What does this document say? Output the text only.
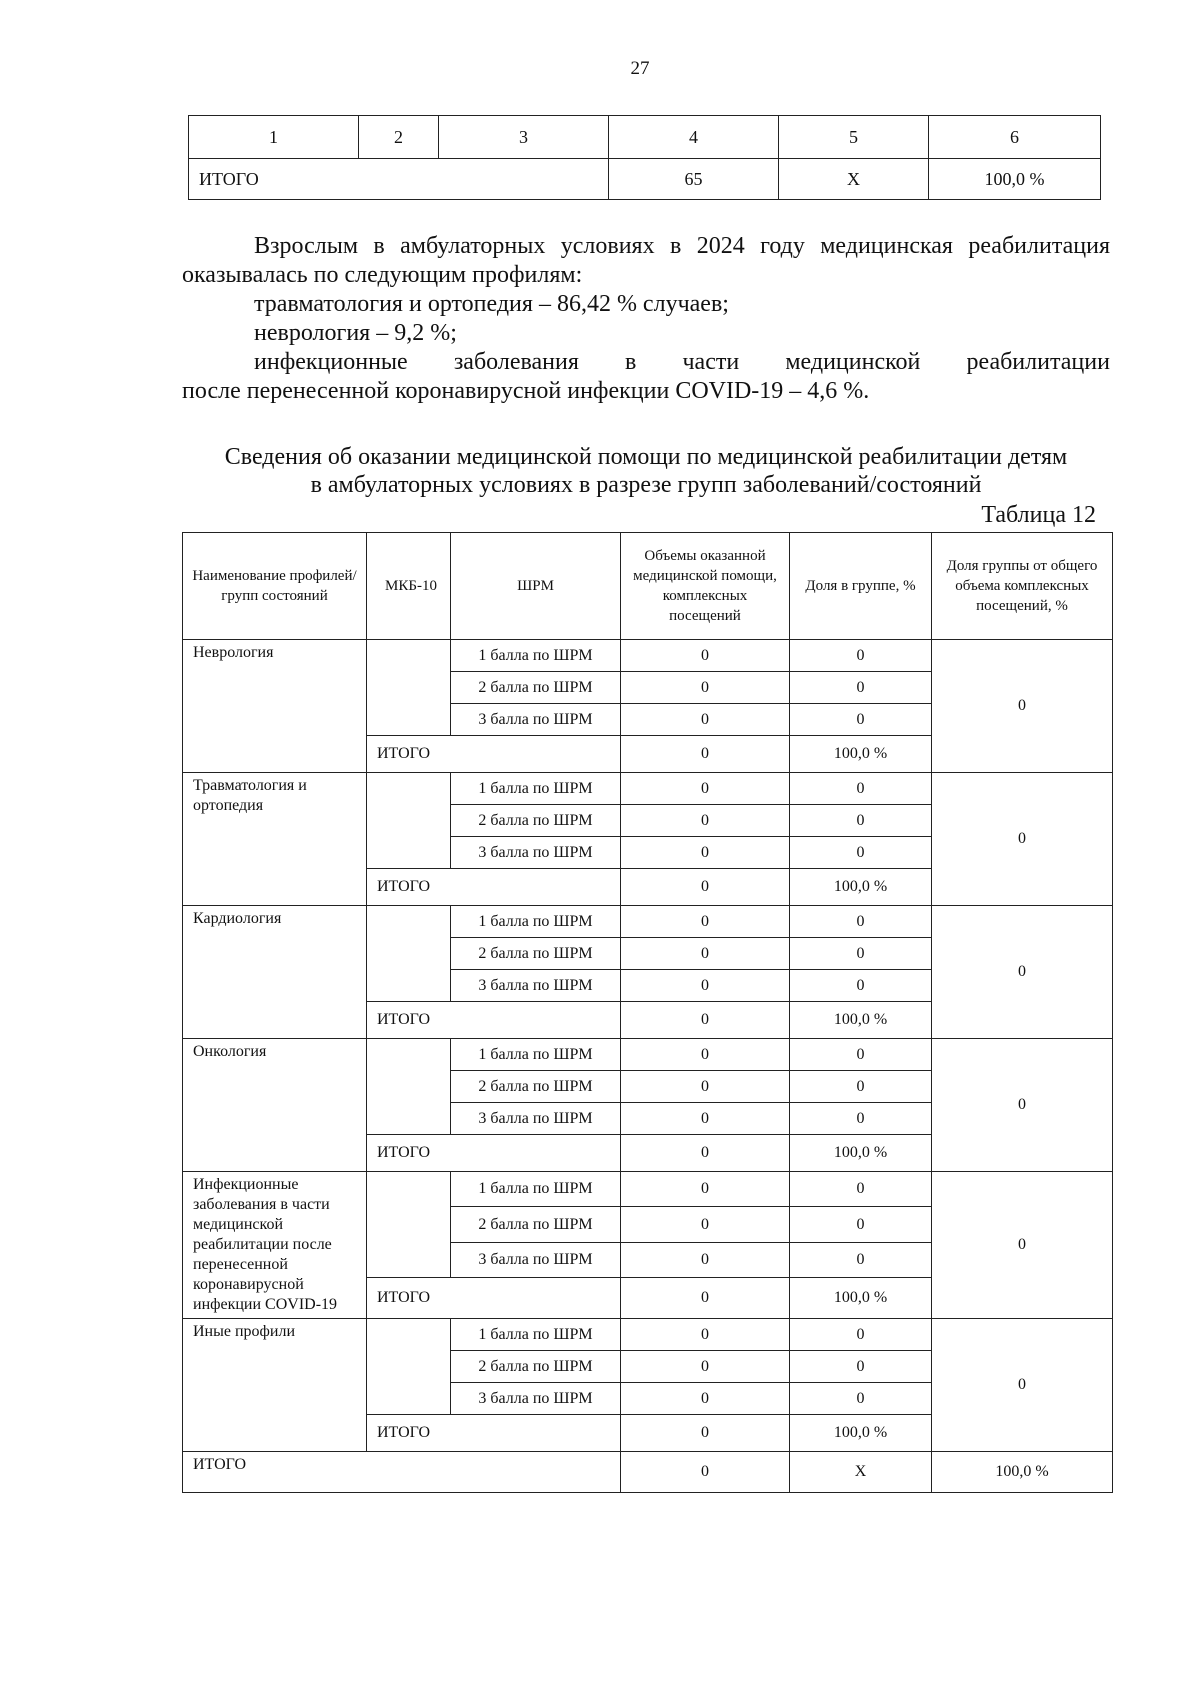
27
1	2	3	4	5	6
ИТОГО			65	Х	100,0 %
Взрослым в амбулаторных условиях в 2024 году медицинская реабилитация
оказывалась по следующим профилям:
травматология и ортопедия – 86,42 % случаев;
неврология – 9,2 %;
инфекционные заболевания в части медицинской реабилитации
после перенесенной коронавирусной инфекции COVID-19 – 4,6 %.
Сведения об оказании медицинской помощи по медицинской реабилитации детям
в амбулаторных условиях в разрезе групп заболеваний/состояний
Таблица 12
Наименование профилей/групп состояний	МКБ-10	ШРМ	Объемы оказанной медицинской помощи, комплексных посещений	Доля в группе, %	Доля группы от общего объема комплексных посещений, %
Неврология		1 балла по ШРМ	0	0	0
		2 балла по ШРМ	0	0	
		3 балла по ШРМ	0	0	
	ИТОГО		0	100,0 %	
Травматология и ортопедия		1 балла по ШРМ	0	0	0
		2 балла по ШРМ	0	0	
		3 балла по ШРМ	0	0	
	ИТОГО		0	100,0 %	
Кардиология		1 балла по ШРМ	0	0	0
		2 балла по ШРМ	0	0	
		3 балла по ШРМ	0	0	
	ИТОГО		0	100,0 %	
Онкология		1 балла по ШРМ	0	0	0
		2 балла по ШРМ	0	0	
		3 балла по ШРМ	0	0	
	ИТОГО		0	100,0 %	
Инфекционные заболевания в части медицинской реабилитации после перенесенной коронавирусной инфекции COVID-19		1 балла по ШРМ	0	0	0
		2 балла по ШРМ	0	0	
		3 балла по ШРМ	0	0	
	ИТОГО		0	100,0 %	
Иные профили		1 балла по ШРМ	0	0	0
		2 балла по ШРМ	0	0	
		3 балла по ШРМ	0	0	
	ИТОГО		0	100,0 %	
ИТОГО			0	Х	100,0 %
